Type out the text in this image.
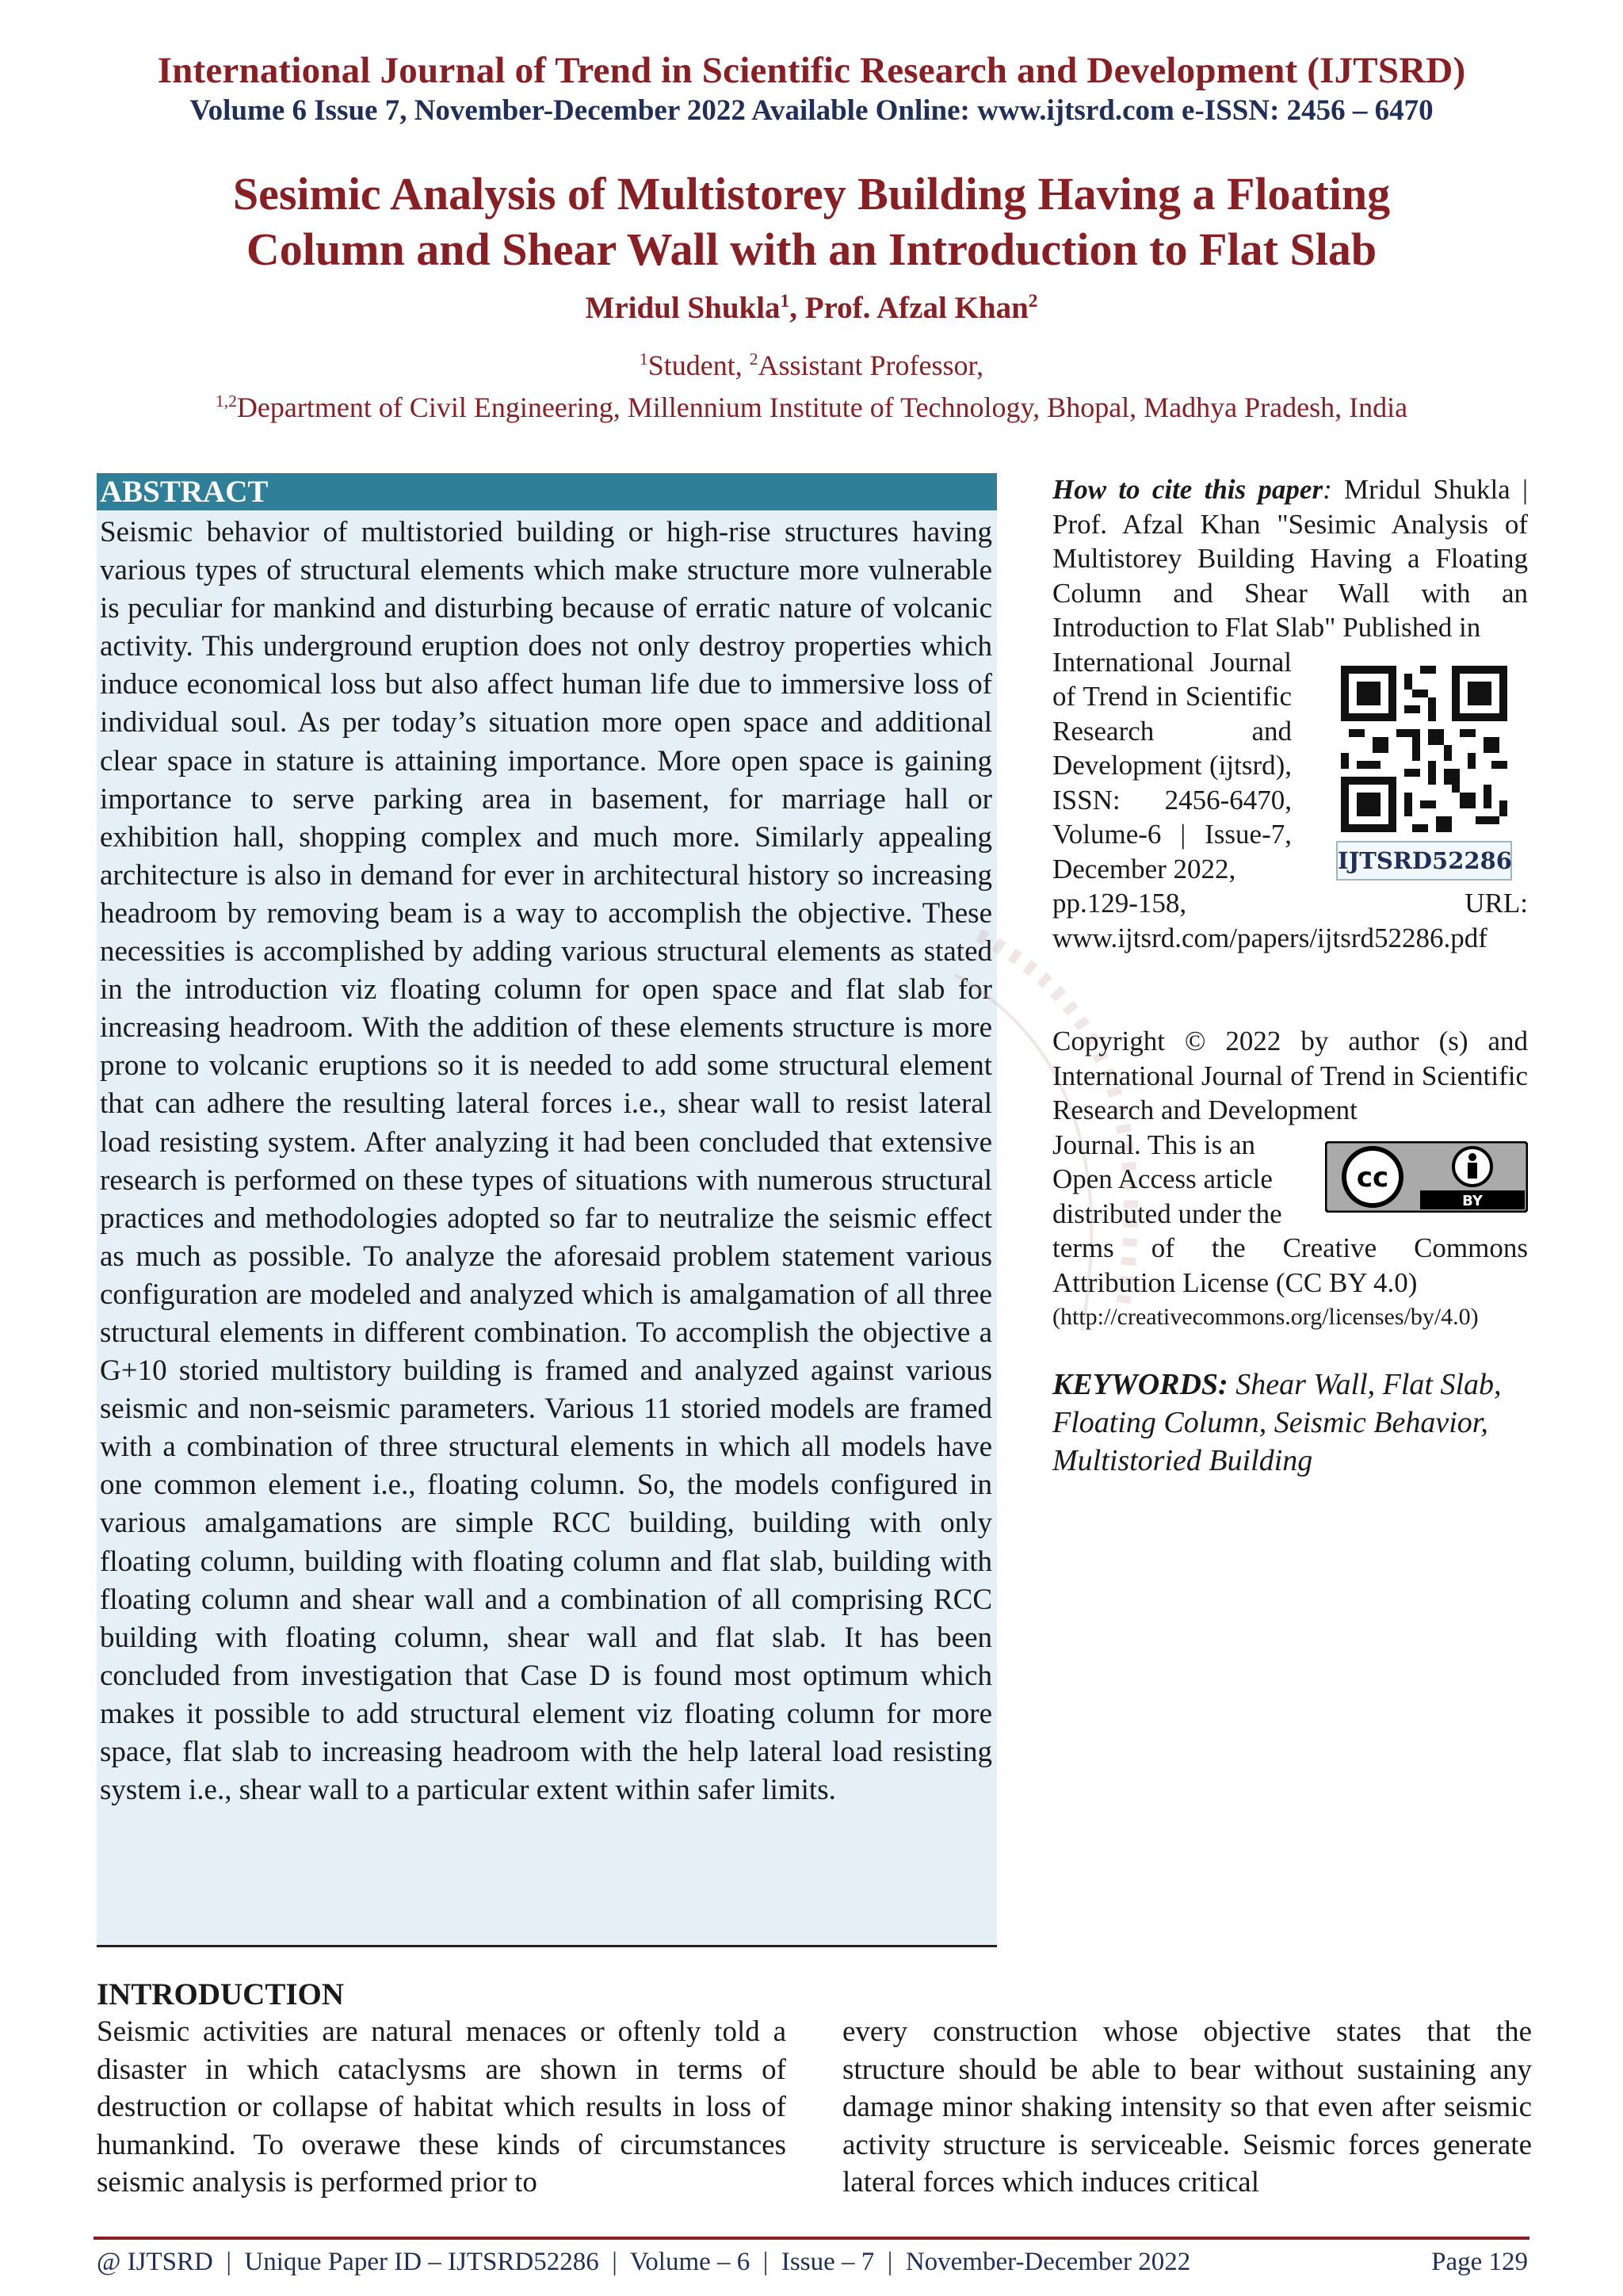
International Journal of Trend in Scientific Research and Development (IJTSRD)
Volume 6 Issue 7, November-December 2022 Available Online: www.ijtsrd.com e-ISSN: 2456 – 6470
Sesimic Analysis of Multistorey Building Having a Floating
Column and Shear Wall with an Introduction to Flat Slab
Mridul Shukla$^1$, Prof. Afzal Khan$^2$
$^1$Student, $^2$Assistant Professor,
$^{1,2}$Department of Civil Engineering, Millennium Institute of Technology, Bhopal, Madhya Pradesh, India
ABSTRACT
Seismic behavior of multistoried building or high-rise structures having various types of structural elements which make structure more vulnerable is peculiar for mankind and disturbing because of erratic nature of volcanic activity. This underground eruption does not only destroy properties which induce economical loss but also affect human life due to immersive loss of individual soul. As per today’s situation more open space and additional clear space in stature is attaining importance. More open space is gaining importance to serve parking area in basement, for marriage hall or exhibition hall, shopping complex and much more. Similarly appealing architecture is also in demand for ever in architectural history so increasing headroom by removing beam is a way to accomplish the objective. These necessities is accomplished by adding various structural elements as stated in the introduction viz floating column for open space and flat slab for increasing headroom. With the addition of these elements structure is more prone to volcanic eruptions so it is needed to add some structural element that can adhere the resulting lateral forces i.e., shear wall to resist lateral load resisting system. After analyzing it had been concluded that extensive research is performed on these types of situations with numerous structural practices and methodologies adopted so far to neutralize the seismic effect as much as possible. To analyze the aforesaid problem statement various configuration are modeled and analyzed which is amalgamation of all three structural elements in different combination. To accomplish the objective a G+10 storied multistory building is framed and analyzed against various seismic and non-seismic parameters. Various 11 storied models are framed with a combination of three structural elements in which all models have one common element i.e., floating column. So, the models configured in various amalgamations are simple RCC building, building with only floating column, building with floating column and flat slab, building with floating column and shear wall and a combination of all comprising RCC building with floating column, shear wall and flat slab. It has been concluded from investigation that Case D is found most optimum which makes it possible to add structural element viz floating column for more space, flat slab to increasing headroom with the help lateral load resisting system i.e., shear wall to a particular extent within safer limits.
How to cite this paper: Mridul Shukla | Prof. Afzal Khan "Sesimic Analysis of Multistorey Building Having a Floating Column and Shear Wall with an Introduction to Flat Slab" Published in
International Journal of Trend in Scientific Research and Development (ijtsrd), ISSN: 2456-6470, Volume-6 | Issue-7, December 2022,
pp.129-158, URL: www.ijtsrd.com/papers/ijtsrd52286.pdf
IJTSRD52286
Copyright © 2022 by author (s) and International Journal of Trend in Scientific Research and Development
Journal. This is an Open Access article distributed under the
terms of the Creative Commons Attribution License (CC BY 4.0)
(http://creativecommons.org/licenses/by/4.0)
cc
BY
KEYWORDS: Shear Wall, Flat Slab, Floating Column, Seismic Behavior, Multistoried Building
INTRODUCTION
Seismic activities are natural menaces or oftenly told a disaster in which cataclysms are shown in terms of destruction or collapse of habitat which results in loss of humankind. To overawe these kinds of circumstances seismic analysis is performed prior to
every construction whose objective states that the structure should be able to bear without sustaining any damage minor shaking intensity so that even after seismic activity structure is serviceable. Seismic forces generate lateral forces which induces critical
@ IJTSRD  |  Unique Paper ID – IJTSRD52286  |  Volume – 6  |  Issue – 7  |  November-December 2022	Page 129
